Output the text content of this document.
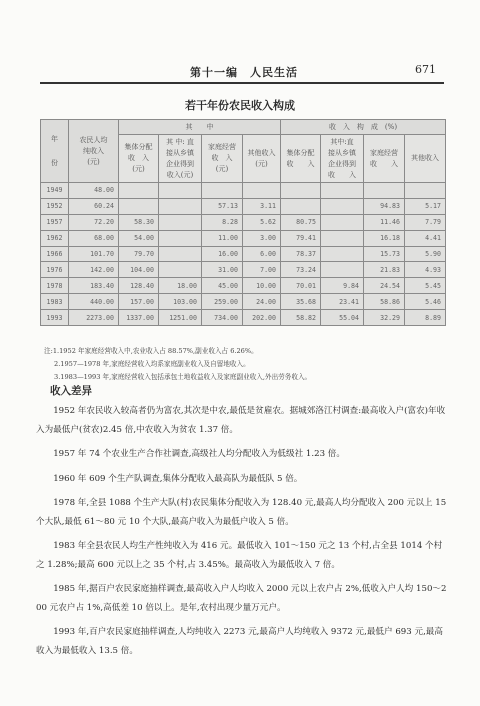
第十一编　人民生活	671
若干年份农民收入构成
年

份	农民人均
纯收入
(元)	其　　中				收　入　构　成　(%)			
		集体分配
收　入
(元)	其 中: 直
接从乡镇
企业得到
收入(元)	家庭经营
收　入
(元)	其他收入
(元)	集体分配
收　　入	其中:直
接从乡镇
企业得到
收　　入	家庭经营
收　　入	其他收入
1949	48.00								
1952	60.24			57.13	3.11			94.83	5.17
1957	72.20	58.30		8.28	5.62	80.75		11.46	7.79
1962	68.00	54.00		11.00	3.00	79.41		16.18	4.41
1966	101.70	79.70		16.00	6.00	78.37		15.73	5.90
1976	142.00	104.00		31.00	7.00	73.24		21.83	4.93
1978	183.40	128.40	18.00	45.00	10.00	70.01	9.84	24.54	5.45
1983	440.00	157.00	103.00	259.00	24.00	35.68	23.41	58.86	5.46
1993	2273.00	1337.00	1251.00	734.00	202.00	58.82	55.04	32.29	8.89
注:1.1952 年家庭经营收入中,农业收入占 88.57%,副业收入占 6.26%。
2.1957—1978 年,家庭经营收入均系家庭副业收入及自留地收入。
3.1983—1993 年,家庭经营收入包括承包土地收益收入及家庭副业收入,外出劳务收入。
收入差异

1952 年农民收入较高者仍为富农,其次是中农,最低是贫雇农。据城郊洛江村调查:最高收入户(富农)年收入为最低户(贫农)2.45 倍,中农收入为贫农 1.37 倍。

1957 年 74 个农业生产合作社调查,高级社人均分配收入为低级社 1.23 倍。

1960 年 609 个生产队调查,集体分配收入最高队为最低队 5 倍。

1978 年,全县 1088 个生产大队(村)农民集体分配收入为 128.40 元,最高人均分配收入 200 元以上 15 个大队,最低 61～80 元 10 个大队,最高户收入为最低户收入 5 倍。

1983 年全县农民人均生产性纯收入为 416 元。最低收入 101～150 元之 13 个村,占全县 1014 个村之 1.28%;最高 600 元以上之 35 个村,占 3.45%。最高收入为最低收入 7 倍。

1985 年,据百户农民家庭抽样调查,最高收入户人均收入 2000 元以上农户占 2%,低收入户人均 150～200 元农户占 1%,高低差 10 倍以上。是年,农村出现少量万元户。

1993 年,百户农民家庭抽样调查,人均纯收入 2273 元,最高户人均纯收入 9372 元,最低户 693 元,最高收入为最低收入 13.5 倍。
